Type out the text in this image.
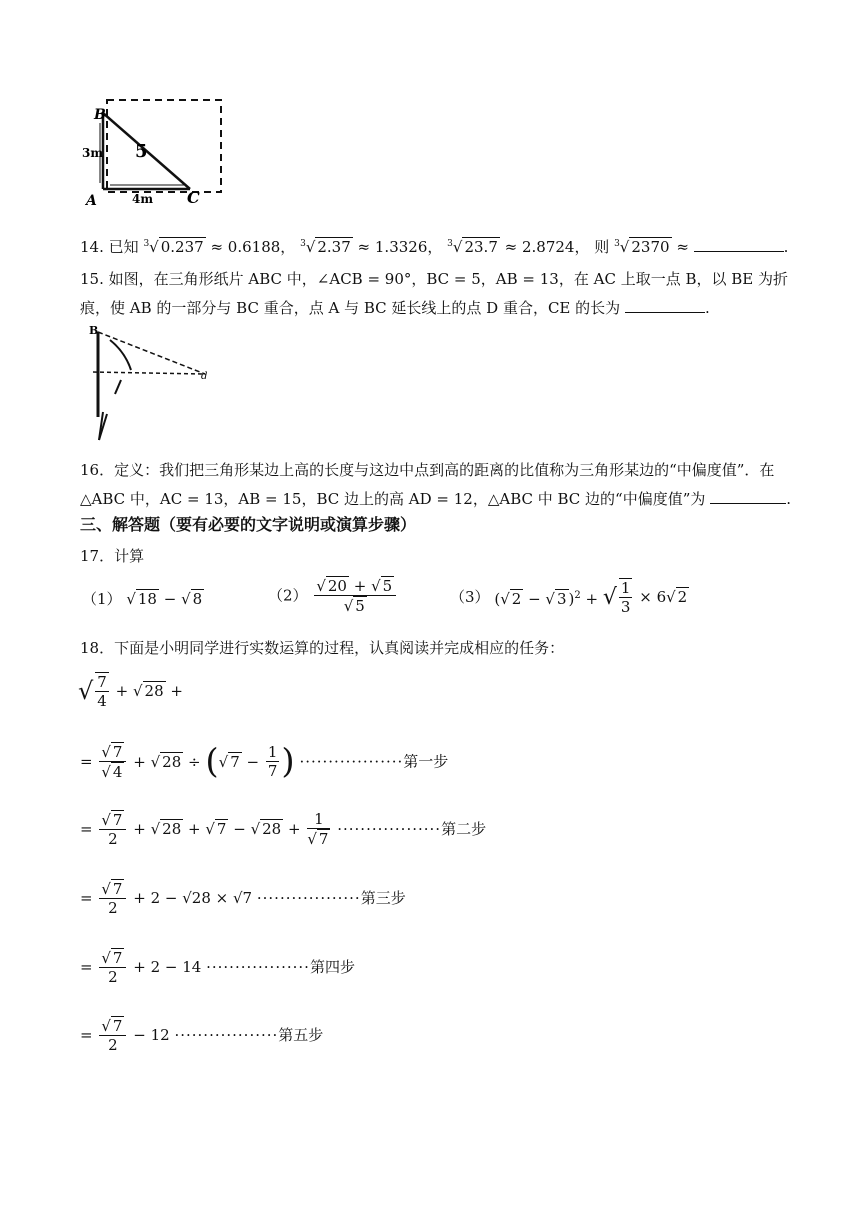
B
A	C
3m
4m
5
14. 已知 $^3$√ 0.237 ≈ 0.6188， $^3$√ 2.37 ≈ 1.3326， $^3$√ 23.7 ≈ 2.8724， 则 $^3$√ 2370 ≈	.
15. 如图，在三角形纸片 ABC 中，∠ACB = 90°，BC = 5，AB = 13，在 AC 上取一点 B，以 BE 为折
痕，使 AB 的一部分与 BC 重合，点 A 与 BC 延长线上的点 D 重合，CE 的长为	.
B
d
16．定义：我们把三角形某边上高的长度与这边中点到高的距离的比值称为三角形某边的“中偏度值”．在
△ABC 中，AC = 13，AB = 15，BC 边上的高 AD = 12，△ABC 中 BC 边的“中偏度值”为	.
三、解答题（要有必要的文字说明或演算步骤）
17．计算
（1） √ 18 − √ 8	$(2) \frac{√ 20 + √ 5}{√ 5}$	（3） (√ 2 − √ 3 )$^2$ + √ $\frac{1}{3} \times 6√$ 2
18．下面是小明同学进行实数运算的过程，认真阅读并完成相应的任务：
√ $\frac{7}{4}$ + √ 28 +
= $\frac{√ 7}{√ 4}$ + √ 28 ÷ (√ $7 - \frac{1}{7}$ ) ··················第一步
= $\frac{√ 7}{2}$ + √ 28 + √ 7 − √ $28 + \frac{1}{√ 7}$ ··················第二步
= $\frac{√ 7}{2} + 2 - √28 \times √7$ ··················第三步
= $\frac{√ 7}{2} + 2 - 14$ ··················第四步
= $\frac{√ 7}{2} - 12$ ··················第五步
